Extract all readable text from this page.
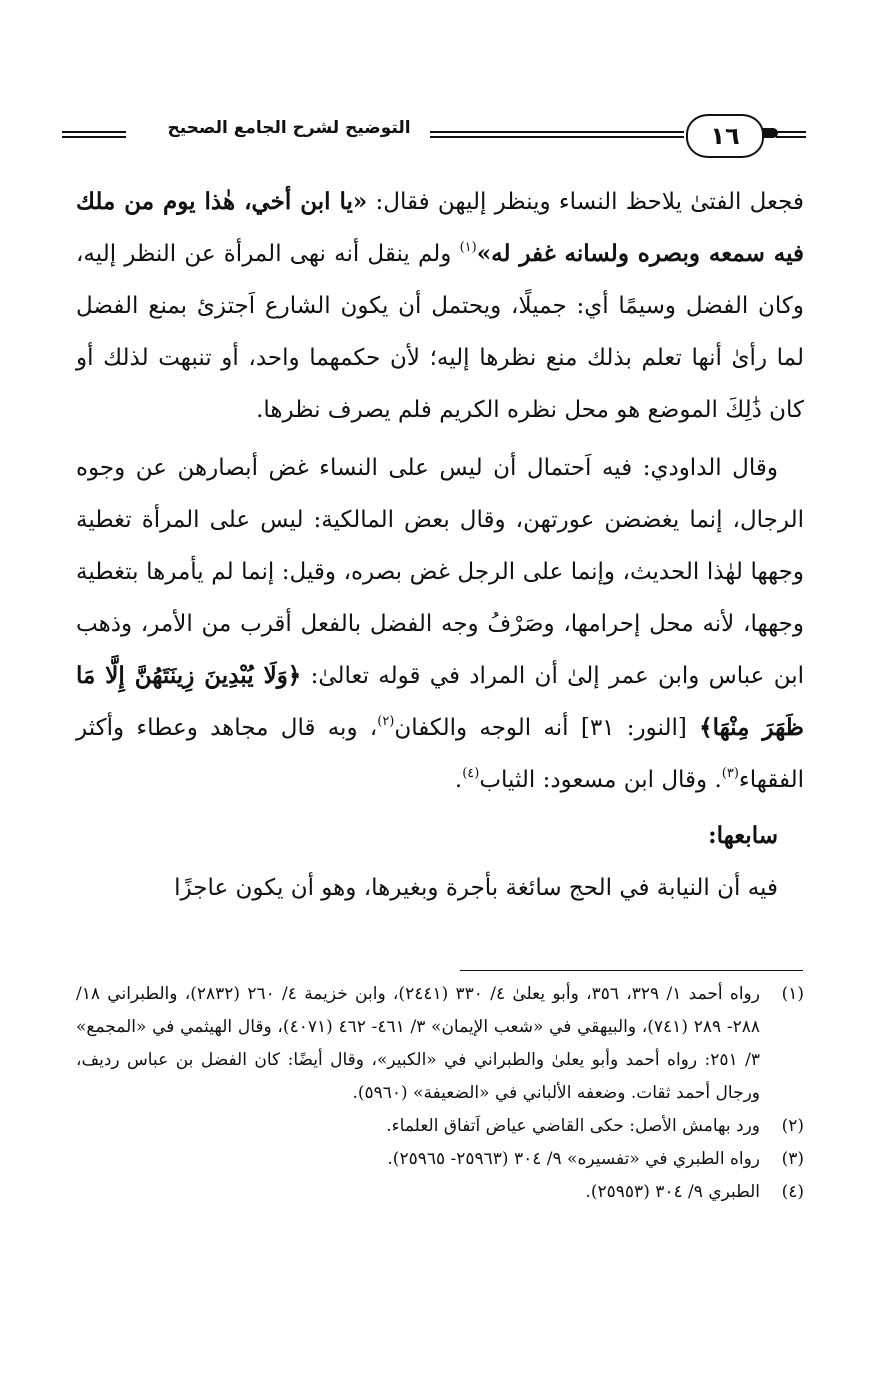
التوضيح لشرح الجامع الصحيح	١٦

فجعل الفتىٰ يلاحظ النساء وينظر إليهن فقال: «يا ابن أخي، هٰذا يوم من ملك فيه سمعه وبصره ولسانه غفر له»$^{(١)}$ ولم ينقل أنه نهى المرأة عن النظر إليه، وكان الفضل وسيمًا أي: جميلًا، ويحتمل أن يكون الشارع اَجتزئ بمنع الفضل لما رأىٰ أنها تعلم بذلك منع نظرها إليه؛ لأن حكمهما واحد، أو تنبهت لذلك أو كان ذَٰلِكَ الموضع هو محل نظره الكريم فلم يصرف نظرها.

وقال الداودي: فيه اَحتمال أن ليس على النساء غض أبصارهن عن وجوه الرجال، إنما يغضضن عورتهن، وقال بعض المالكية: ليس على المرأة تغطية وجهها لهٰذا الحديث، وإنما على الرجل غض بصره، وقيل: إنما لم يأمرها بتغطية وجهها، لأنه محل إحرامها، وصَرْفُ وجه الفضل بالفعل أقرب من الأمر، وذهب ابن عباس وابن عمر إلىٰ أن المراد في قوله تعالىٰ: ﴿وَلَا يُبْدِينَ زِينَتَهُنَّ إِلَّا مَا ظَهَرَ مِنْهَا﴾ [النور: ٣١] أنه الوجه والكفان$^{(٢)}$، وبه قال مجاهد وعطاء وأكثر الفقهاء$^{(٣)}$. وقال ابن مسعود: الثياب$^{(٤)}$.

سابعها:

فيه أن النيابة في الحج سائغة بأجرة وبغيرها، وهو أن يكون عاجزًا

(١)
رواه أحمد ١/ ٣٢٩، ٣٥٦، وأبو يعلىٰ ٤/ ٣٣٠ (٢٤٤١)، وابن خزيمة ٤/ ٢٦٠ (٢٨٣٢)، والطبراني ١٨/ ٢٨٨- ٢٨٩ (٧٤١)، والبيهقي في «شعب الإيمان» ٣/ ٤٦١- ٤٦٢ (٤٠٧١)، وقال الهيثمي في «المجمع» ٣/ ٢٥١: رواه أحمد وأبو يعلىٰ والطبراني في «الكبير»، وقال أيضًا: كان الفضل بن عباس رديف، ورجال أحمد ثقات. وضعفه الألباني في «الضعيفة» (٥٩٦٠).
(٢)
ورد بهامش الأصل: حكى القاضي عياض اَتفاق العلماء.
(٣)
رواه الطبري في «تفسيره» ٩/ ٣٠٤ (٢٥٩٦٣- ٢٥٩٦٥).
(٤)
الطبري ٩/ ٣٠٤ (٢٥٩٥٣).
